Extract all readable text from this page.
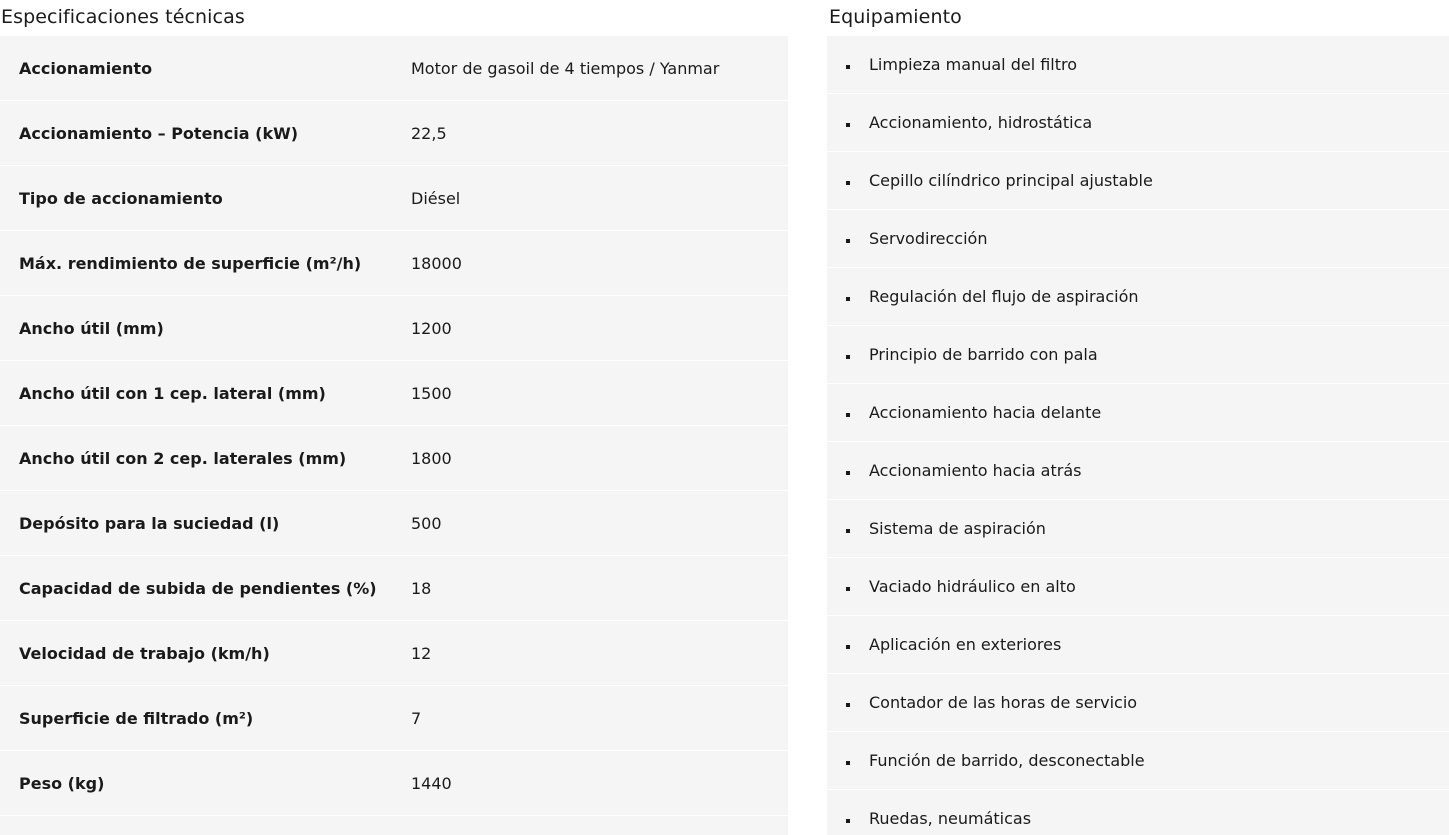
Especificaciones técnicas
Accionamiento	Motor de gasoil de 4 tiempos / Yanmar
Accionamiento – Potencia (kW)	22,5
Tipo de accionamiento	Diésel
Máx. rendimiento de superficie (m²/h)	18000
Ancho útil (mm)	1200
Ancho útil con 1 cep. lateral (mm)	1500
Ancho útil con 2 cep. laterales (mm)	1800
Depósito para la suciedad (l)	500
Capacidad de subida de pendientes (%)	18
Velocidad de trabajo (km/h)	12
Superficie de filtrado (m²)	7
Peso (kg)	1440

Equipamiento
Limpieza manual del filtro
Accionamiento, hidrostática
Cepillo cilíndrico principal ajustable
Servodirección
Regulación del flujo de aspiración
Principio de barrido con pala
Accionamiento hacia delante
Accionamiento hacia atrás
Sistema de aspiración
Vaciado hidráulico en alto
Aplicación en exteriores
Contador de las horas de servicio
Función de barrido, desconectable
Ruedas, neumáticas
